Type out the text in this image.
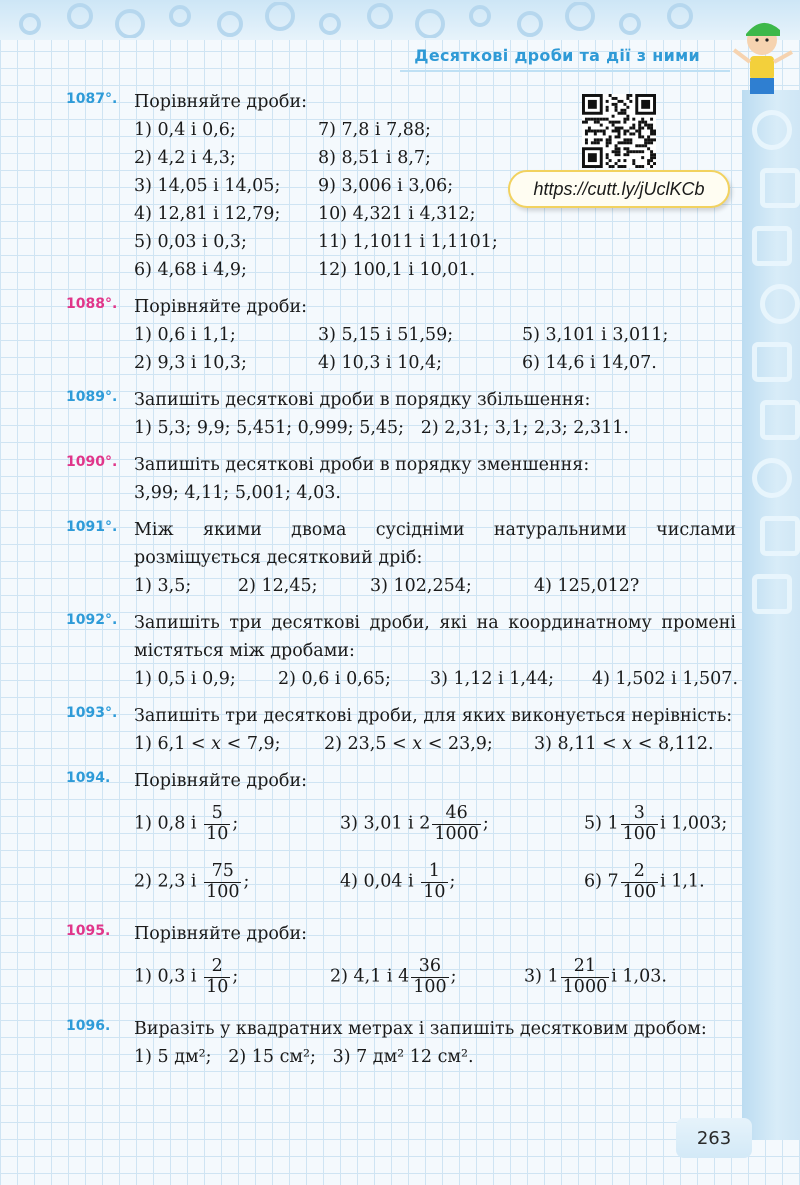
Десяткові дроби та дії з ними
https://cutt.ly/jUclKCb
1087°. Порівняйте дроби:
1) 0,4 і 0,6;	7) 7,8 і 7,88;
2) 4,2 і 4,3;	8) 8,51 і 8,7;
3) 14,05 і 14,05;	9) 3,006 і 3,06;
4) 12,81 і 12,79;	10) 4,321 і 4,312;
5) 0,03 і 0,3;	11) 1,1011 і 1,1101;
6) 4,68 і 4,9;	12) 100,1 і 10,01.
1088°. Порівняйте дроби:
1) 0,6 і 1,1;	3) 5,15 і 51,59;	5) 3,101 і 3,011;
2) 9,3 і 10,3;	4) 10,3 і 10,4;	6) 14,6 і 14,07.
1089°. Запишіть десяткові дроби в порядку збільшення:
1) 5,3; 9,9; 5,451; 0,999; 5,45;   2) 2,31; 3,1; 2,3; 2,311.
1090°. Запишіть десяткові дроби в порядку зменшення:
3,99; 4,11; 5,001; 4,03.
1091°. Між якими двома сусідніми натуральними числами розміщується десятковий дріб:
1) 3,5;	2) 12,45;	3) 102,254;	4) 125,012?
1092°. Запишіть три десяткові дроби, які на координатному промені містяться між дробами:
1) 0,5 і 0,9;	2) 0,6 і 0,65;	3) 1,12 і 1,44;	4) 1,502 і 1,507.
1093°. Запишіть три десяткові дроби, для яких виконується нерівність:
1) 6,1 < x < 7,9;	2) 23,5 < x < 23,9;	3) 8,11 < x < 8,112.
1094.	Порівняйте дроби:
1) 0,8 і $\frac{5}{10}$ ;	3) 3,01 і $2 \frac{46}{1000}$ ;	5) $1 \frac{3}{100}$ і 1,003;
2) 2,3 і $\frac{75}{100}$ ;	4) 0,04 і $\frac{1}{10}$ ;	6) $7 \frac{2}{100}$ і 1,1.
1095.	Порівняйте дроби:
1) 0,3 і $\frac{2}{10}$ ;	2) 4,1 і $4 \frac{36}{100}$ ;	3) $1 \frac{21}{1000}$ і 1,03.
1096.	Виразіть у квадратних метрах і запишіть десятковим дробом:
1) 5 дм²;   2) 15 см²;   3) 7 дм² 12 см².
263
